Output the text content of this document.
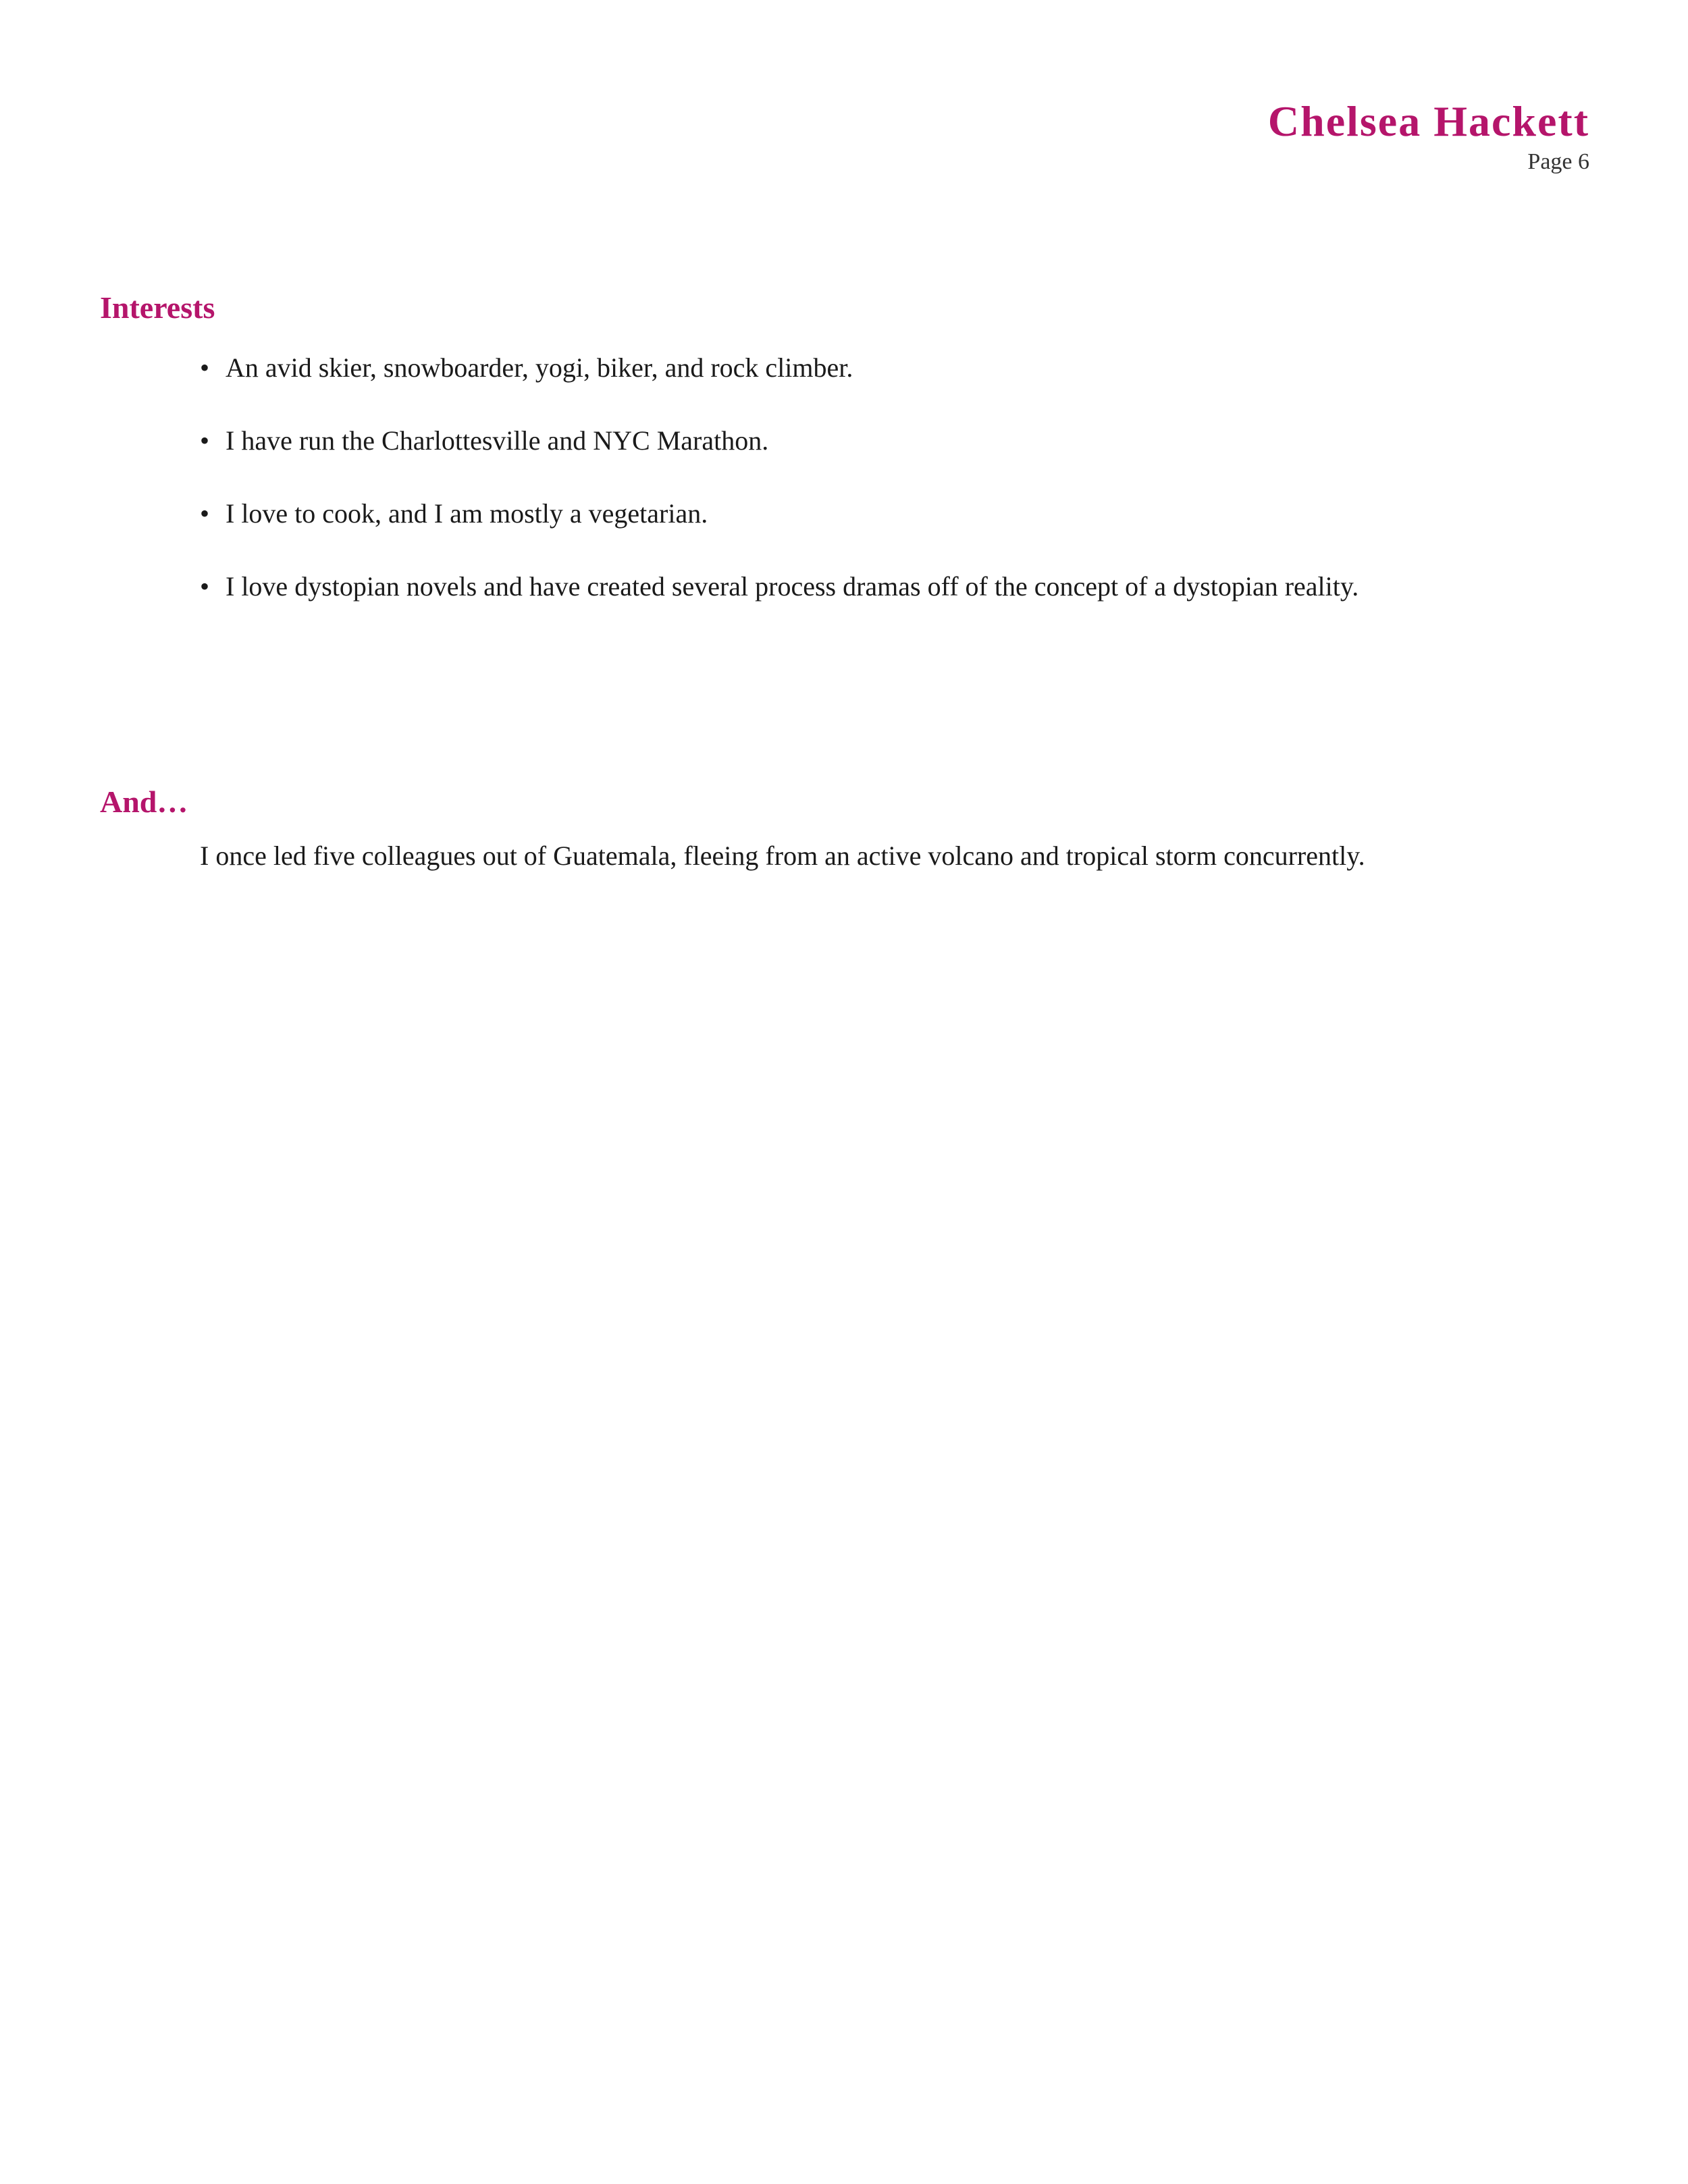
Chelsea Hackett
Page 6
Interests
• An avid skier, snowboarder, yogi, biker, and rock climber.
• I have run the Charlottesville and NYC Marathon.
• I love to cook, and I am mostly a vegetarian.
• I love dystopian novels and have created several process dramas off of the concept of a dystopian reality.
And…

I once led five colleagues out of Guatemala, fleeing from an active volcano and tropical storm concurrently.
